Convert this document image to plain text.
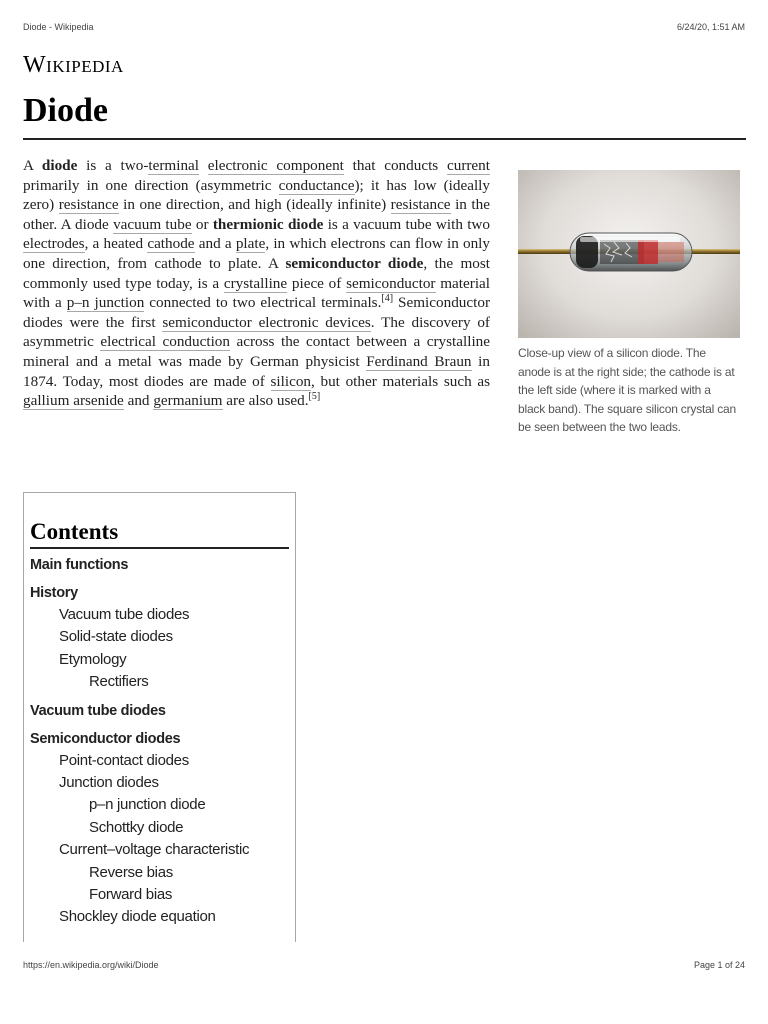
Diode - Wikipedia	6/24/20, 1:51 AM
Wikipedia
Diode

A diode is a two-terminal electronic component that conducts current primarily in one direction (asymmetric conductance); it has low (ideally zero) resistance in one direction, and high (ideally infinite) resistance in the other. A diode vacuum tube or thermionic diode is a vacuum tube with two electrodes, a heated cathode and a plate, in which electrons can flow in only one direction, from cathode to plate. A semiconductor diode, the most commonly used type today, is a crystalline piece of semiconductor material with a p–n junction connected to two electrical terminals.[4] Semiconductor diodes were the first semiconductor electronic devices. The discovery of asymmetric electrical conduction across the contact between a crystalline mineral and a metal was made by German physicist Ferdinand Braun in 1874. Today, most diodes are made of silicon, but other materials such as gallium arsenide and germanium are also used.[5]

Close-up view of a silicon diode. The anode is at the right side; the cathode is at the left side (where it is marked with a black band). The square silicon crystal can be seen between the two leads.
Contents
Main functions
History
Vacuum tube diodes
Solid-state diodes
Etymology
Rectifiers
Vacuum tube diodes
Semiconductor diodes
Point-contact diodes
Junction diodes
p–n junction diode
Schottky diode
Current–voltage characteristic
Reverse bias
Forward bias
Shockley diode equation
https://en.wikipedia.org/wiki/Diode	Page 1 of 24
